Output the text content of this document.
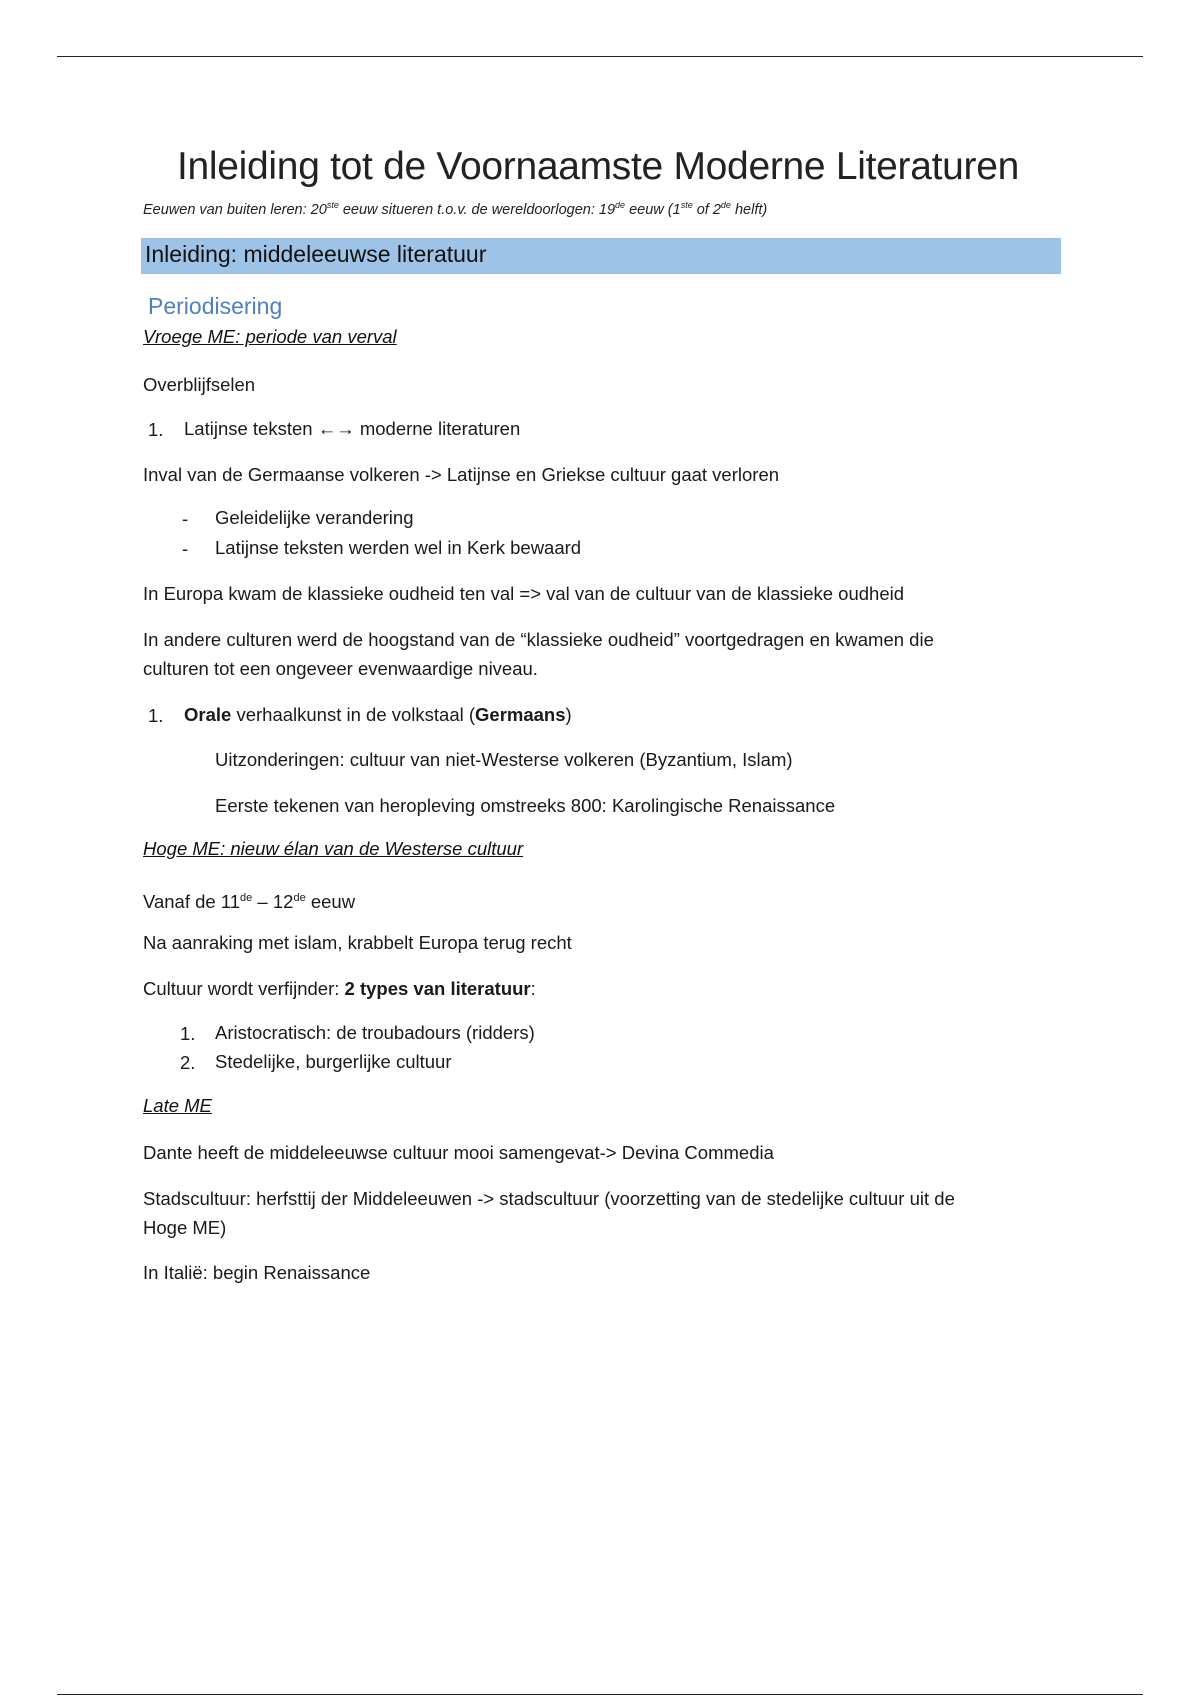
Inleiding tot de Voornaamste Moderne Literaturen
Eeuwen van buiten leren: 20ste eeuw situeren t.o.v. de wereldoorlogen: 19de eeuw (1ste of 2de helft)
Inleiding: middeleeuwse literatuur
Periodisering
Vroege ME: periode van verval
Overblijfselen
1. Latijnse teksten ←→ moderne literaturen
Inval van de Germaanse volkeren -> Latijnse en Griekse cultuur gaat verloren
- Geleidelijke verandering
- Latijnse teksten werden wel in Kerk bewaard
In Europa kwam de klassieke oudheid ten val => val van de cultuur van de klassieke oudheid
In andere culturen werd de hoogstand van de “klassieke oudheid” voortgedragen en kwamen die
culturen tot een ongeveer evenwaardige niveau.
1. Orale verhaalkunst in de volkstaal (Germaans)
Uitzonderingen: cultuur van niet-Westerse volkeren (Byzantium, Islam)
Eerste tekenen van heropleving omstreeks 800: Karolingische Renaissance
Hoge ME: nieuw élan van de Westerse cultuur
Vanaf de 11de – 12de eeuw
Na aanraking met islam, krabbelt Europa terug recht
Cultuur wordt verfijnder: 2 types van literatuur:
1. Aristocratisch: de troubadours (ridders)
2. Stedelijke, burgerlijke cultuur
Late ME
Dante heeft de middeleeuwse cultuur mooi samengevat-> Devina Commedia
Stadscultuur: herfsttij der Middeleeuwen -> stadscultuur (voorzetting van de stedelijke cultuur uit de
Hoge ME)
In Italië: begin Renaissance
